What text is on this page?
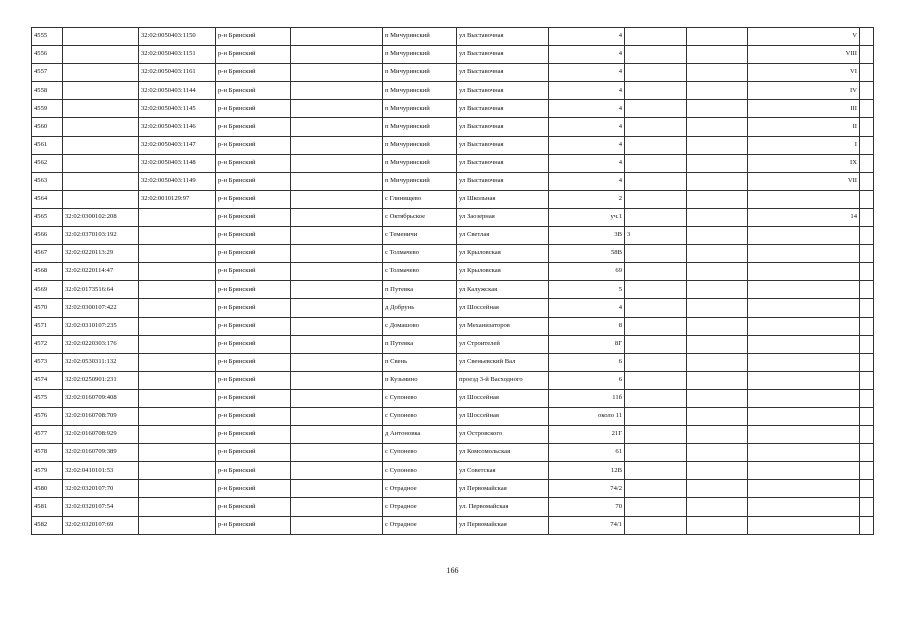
4555		32:02:0050403:1150	р-н Брянский		п Мичуринский	ул Выставочная	4			V	
4556		32:02:0050403:1151	р-н Брянский		п Мичуринский	ул Выставочная	4			VIII	
4557		32:02:0050403:1161	р-н Брянский		п Мичуринский	ул Выставочная	4			VI	
4558		32:02:0050403:1144	р-н Брянский		п Мичуринский	ул Выставочная	4			IV	
4559		32:02:0050403:1145	р-н Брянский		п Мичуринский	ул Выставочная	4			III	
4560		32:02:0050403:1146	р-н Брянский		п Мичуринский	ул Выставочная	4			II	
4561		32:02:0050403:1147	р-н Брянский		п Мичуринский	ул Выставочная	4			I	
4562		32:02:0050403:1148	р-н Брянский		п Мичуринский	ул Выставочная	4			IX	
4563		32:02:0050403:1149	р-н Брянский		п Мичуринский	ул Выставочная	4			VII	
4564		32:02:0010129:97	р-н Брянский		с Глинищево	ул Школьная	2				
4565	32:02:0300102:208		р-н Брянский		с Октябрьское	ул Заозерная	уч.1			14	
4566	32:02:0370103:192		р-н Брянский		с Теменичи	ул Светлая	3В	3			
4567	32:02:0220113:29		р-н Брянский		с Толмачево	ул Крыловская	58В				
4568	32:02:0220114:47		р-н Брянский		с Толмачево	ул Крыловская	69				
4569	32:02:0173516:64		р-н Брянский		п Путевка	ул Калужская	5				
4570	32:02:0300107:422		р-н Брянский		д Добрунь	ул Шоссейная	4				
4571	32:02:0310107:235		р-н Брянский		с Домашово	ул Механизаторов	8				
4572	32:02:0220303:176		р-н Брянский		п Путевка	ул Строителей	8Г				
4573	32:02:0530311:132		р-н Брянский		п Свень	ул Свеньевский Вал	6				
4574	32:02:0250901:231		р-н Брянский		п Кузьмино	проезд 3-й Васходного	6				
4575	32:02:0160709:408		р-н Брянский		с Супонево	ул Шоссейная	11б				
4576	32:02:0160708:709		р-н Брянский		с Супонево	ул Шоссейная	около 11				
4577	32:02:0160708:929		р-н Брянский		д Антоновка	ул Островского	21Г				
4578	32:02:0160709:389		р-н Брянский		с Супонево	ул Комсомольская	61				
4579	32:02:0410101:53		р-н Брянский		с Супонево	ул Советская	12В				
4580	32:02:0320107:70		р-н Брянский		с Отрадное	ул Первомайская	74/2				
4581	32:02:0320107:54		р-н Брянский		с Отрадное	ул. Первомайская	70				
4582	32:02:0320107:69		р-н Брянский		с Отрадное	ул Первомайская	74/1				
166
